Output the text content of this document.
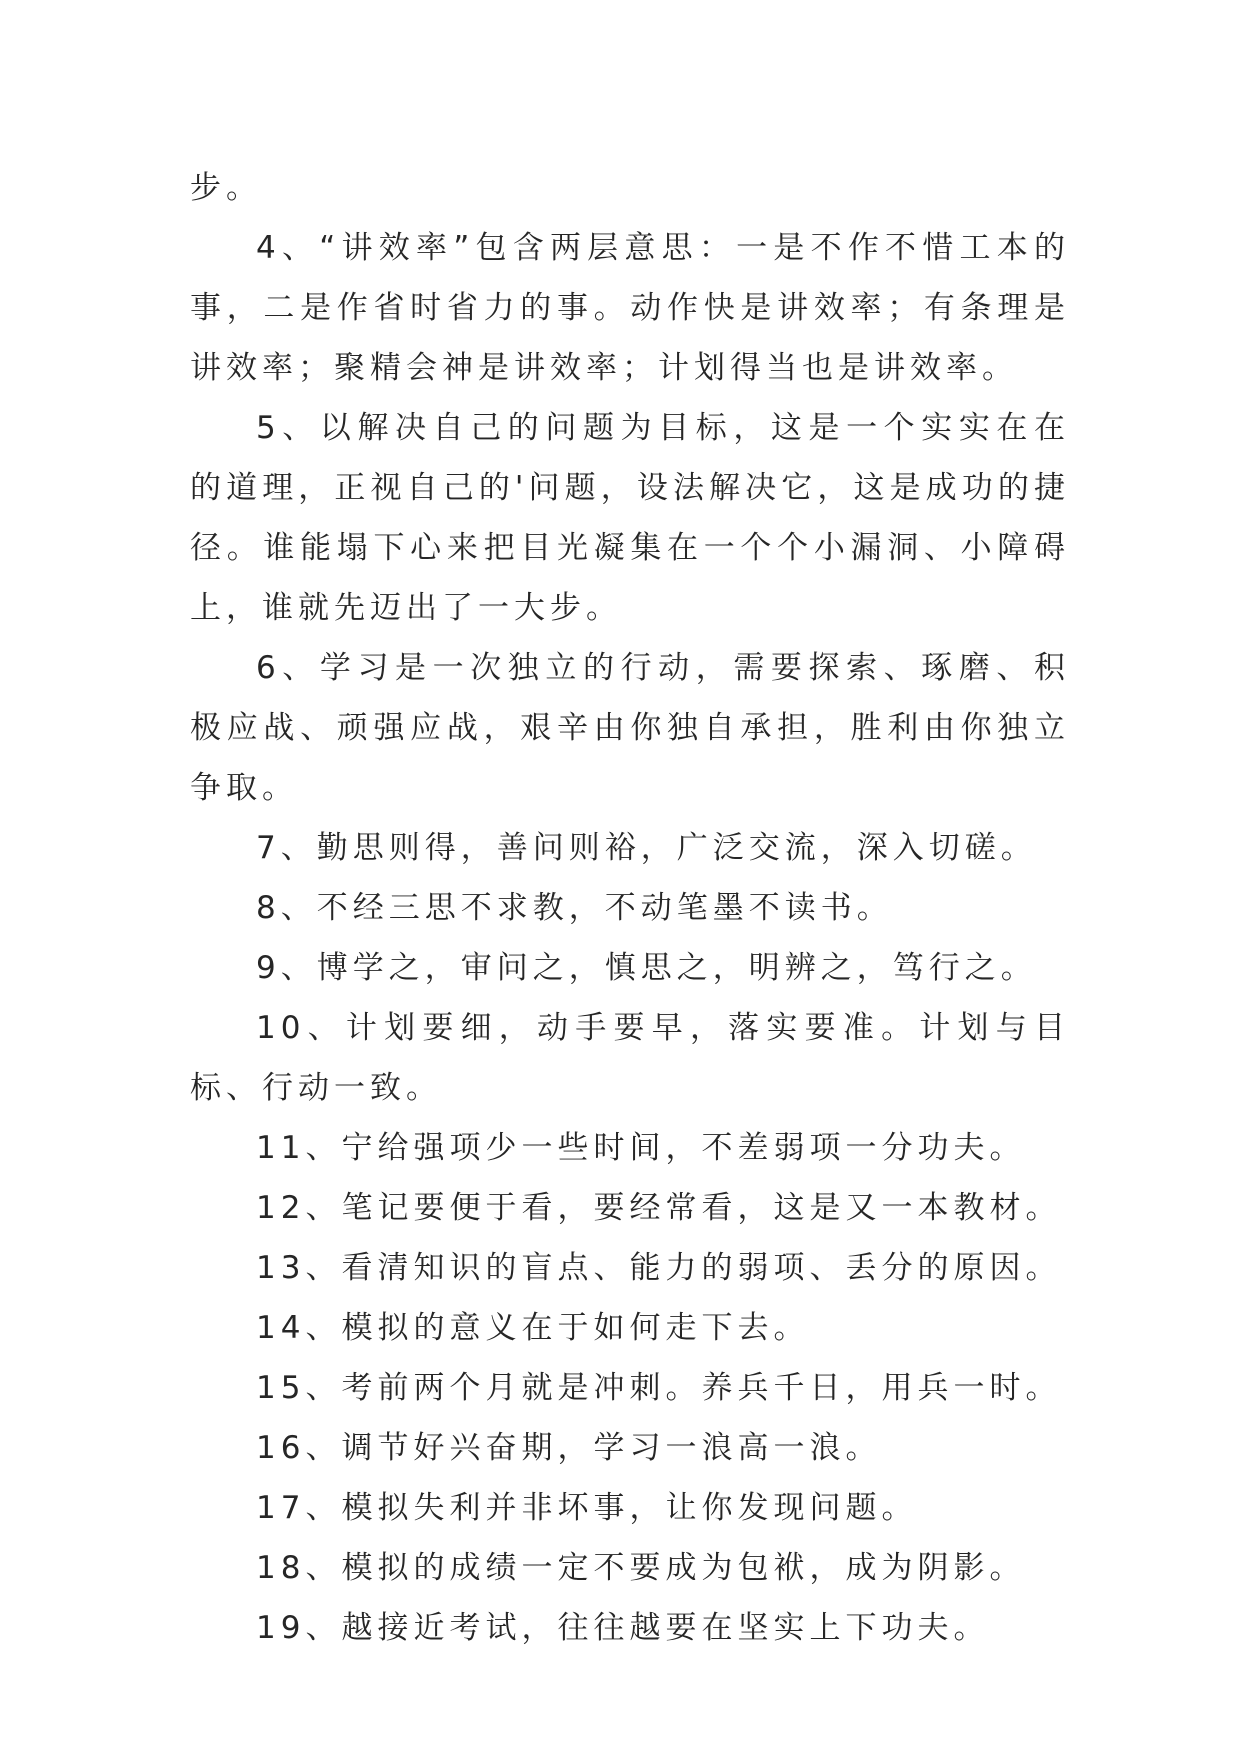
步。

4、“讲效率”包含两层意思：一是不作不惜工本的事，二是作省时省力的事。动作快是讲效率；有条理是讲效率；聚精会神是讲效率；计划得当也是讲效率。

5、以解决自己的问题为目标，这是一个实实在在的道理，正视自己的'问题，设法解决它，这是成功的捷径。谁能塌下心来把目光凝集在一个个小漏洞、小障碍上，谁就先迈出了一大步。

6、学习是一次独立的行动，需要探索、琢磨、积极应战、顽强应战，艰辛由你独自承担，胜利由你独立争取。

7、勤思则得，善问则裕，广泛交流，深入切磋。

8、不经三思不求教，不动笔墨不读书。

9、博学之，审问之，慎思之，明辨之，笃行之。

10、计划要细，动手要早，落实要准。计划与目标、行动一致。

11、宁给强项少一些时间，不差弱项一分功夫。

12、笔记要便于看，要经常看，这是又一本教材。

13、看清知识的盲点、能力的弱项、丢分的原因。

14、模拟的意义在于如何走下去。

15、考前两个月就是冲刺。养兵千日，用兵一时。

16、调节好兴奋期，学习一浪高一浪。

17、模拟失利并非坏事，让你发现问题。

18、模拟的成绩一定不要成为包袱，成为阴影。

19、越接近考试，往往越要在坚实上下功夫。
